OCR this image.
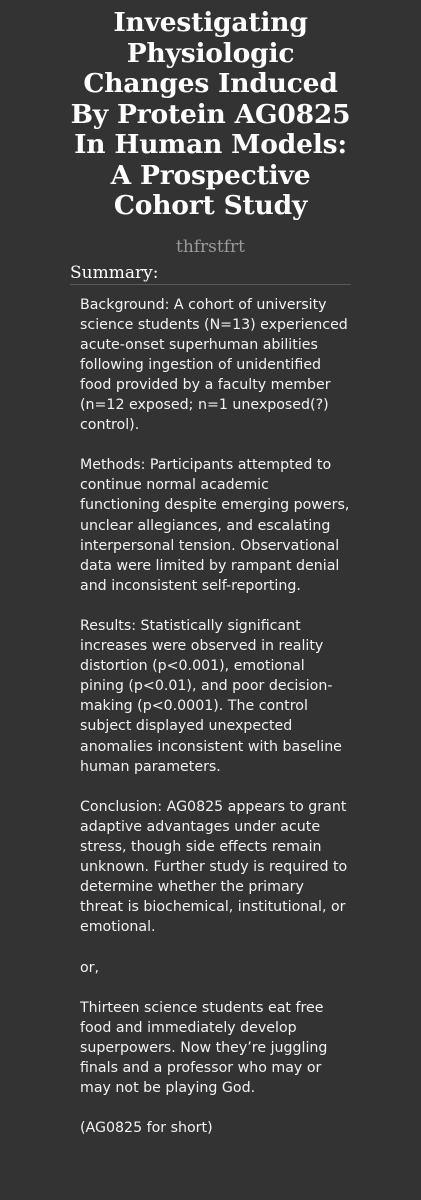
Investigating Physiologic Changes Induced By Protein AG0825 In Human Models: A Prospective Cohort Study
thfrstfrt
Summary:

Background: A cohort of university science students (N=13) experienced acute-onset superhuman abilities following ingestion of unidentified food provided by a faculty member (n=12 exposed; n=1 unexposed(?) control).

Methods: Participants attempted to continue normal academic functioning despite emerging powers, unclear allegiances, and escalating interpersonal tension. Observational data were limited by rampant denial and inconsistent self-reporting.

Results: Statistically significant increases were observed in reality distortion (p<0.001), emotional pining (p<0.01), and poor decision-making (p<0.0001). The control subject displayed unexpected anomalies inconsistent with baseline human parameters.

Conclusion: AG0825 appears to grant adaptive advantages under acute stress, though side effects remain unknown. Further study is required to determine whether the primary threat is biochemical, institutional, or emotional.

or,

Thirteen science students eat free food and immediately develop superpowers. Now they’re juggling finals and a professor who may or may not be playing God.

(AG0825 for short)
